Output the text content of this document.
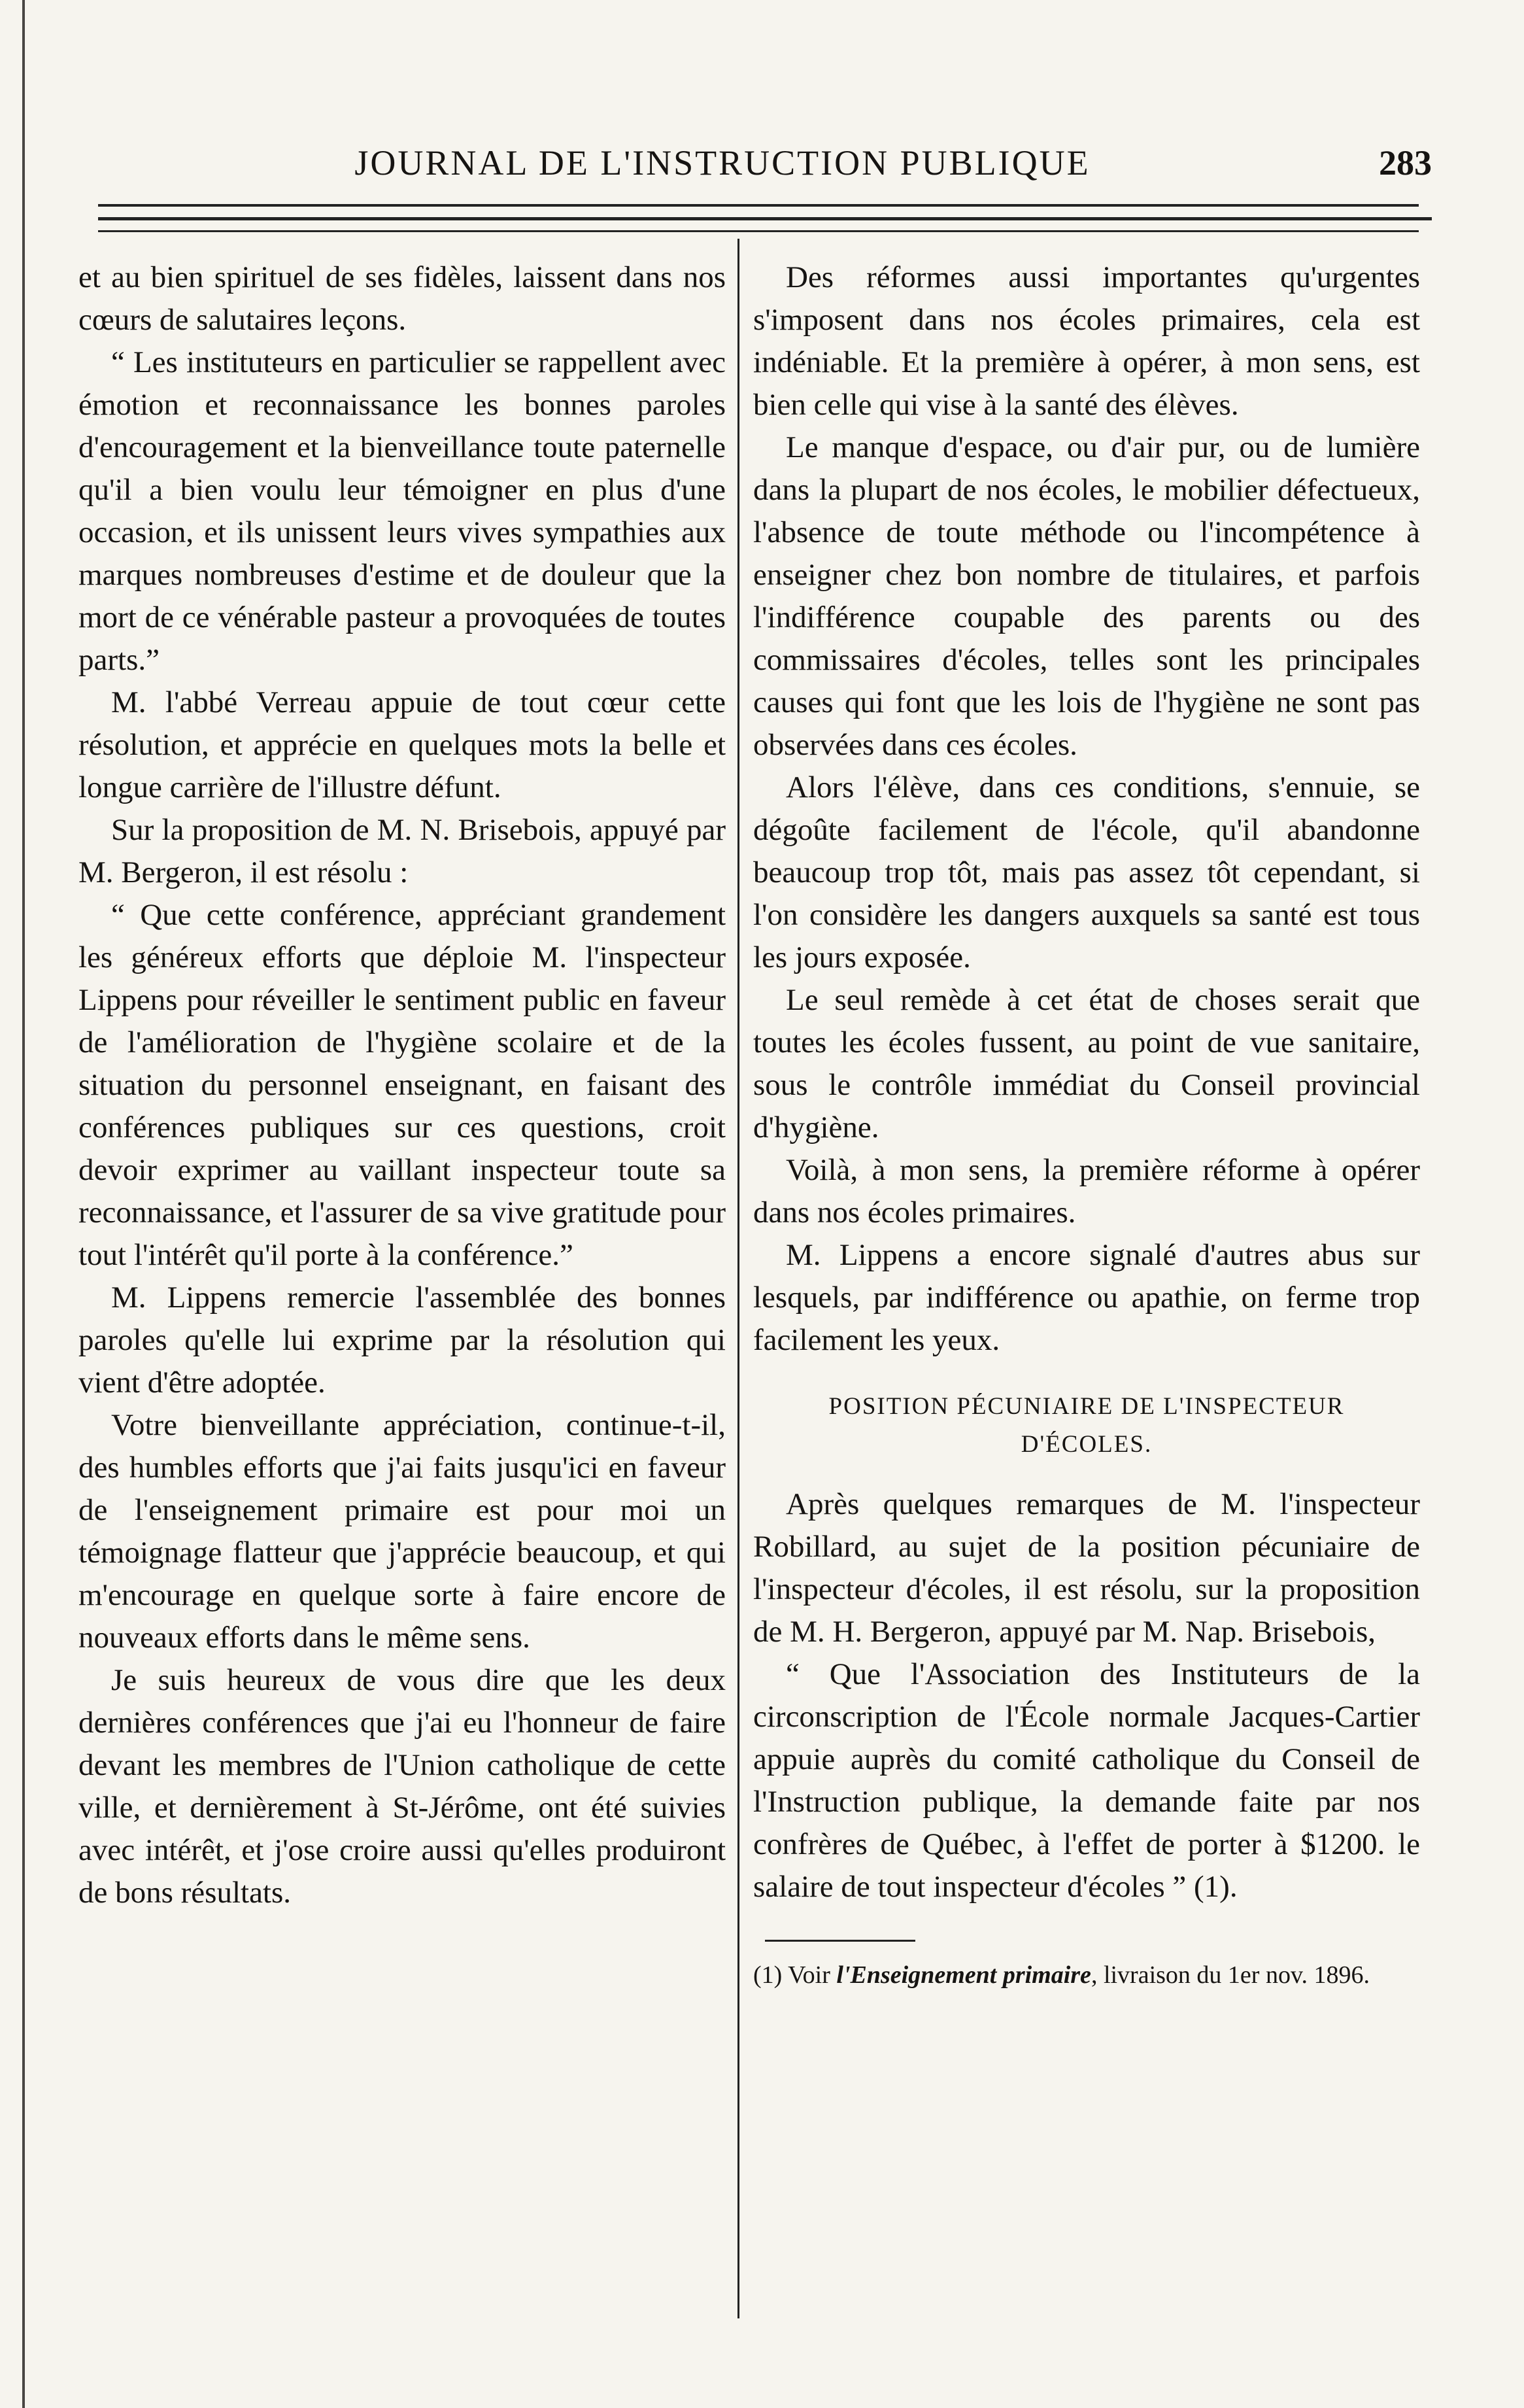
JOURNAL DE L'INSTRUCTION PUBLIQUE	283

et au bien spirituel de ses fidèles, laissent dans nos cœurs de salutaires leçons.

“ Les instituteurs en particulier se rappellent avec émotion et reconnaissance les bonnes paroles d'encouragement et la bienveillance toute paternelle qu'il a bien voulu leur témoigner en plus d'une occasion, et ils unissent leurs vives sympathies aux marques nombreuses d'estime et de douleur que la mort de ce vénérable pasteur a provoquées de toutes parts.”

M. l'abbé Verreau appuie de tout cœur cette résolution, et apprécie en quelques mots la belle et longue carrière de l'illustre défunt.

Sur la proposition de M. N. Brisebois, appuyé par M. Bergeron, il est résolu :

“ Que cette conférence, appréciant grandement les généreux efforts que déploie M. l'inspecteur Lippens pour réveiller le sentiment public en faveur de l'amélioration de l'hygiène scolaire et de la situation du personnel enseignant, en faisant des conférences publiques sur ces questions, croit devoir exprimer au vaillant inspecteur toute sa reconnaissance, et l'assurer de sa vive gratitude pour tout l'intérêt qu'il porte à la conférence.”

M. Lippens remercie l'assemblée des bonnes paroles qu'elle lui exprime par la résolution qui vient d'être adoptée.

Votre bienveillante appréciation, continue-t-il, des humbles efforts que j'ai faits jusqu'ici en faveur de l'enseignement primaire est pour moi un témoignage flatteur que j'apprécie beaucoup, et qui m'encourage en quelque sorte à faire encore de nouveaux efforts dans le même sens.

Je suis heureux de vous dire que les deux dernières conférences que j'ai eu l'honneur de faire devant les membres de l'Union catholique de cette ville, et dernièrement à St-Jérôme, ont été suivies avec intérêt, et j'ose croire aussi qu'elles produiront de bons résultats.

Des réformes aussi importantes qu'urgentes s'imposent dans nos écoles primaires, cela est indéniable. Et la première à opérer, à mon sens, est bien celle qui vise à la santé des élèves.

Le manque d'espace, ou d'air pur, ou de lumière dans la plupart de nos écoles, le mobilier défectueux, l'absence de toute méthode ou l'incompétence à enseigner chez bon nombre de titulaires, et parfois l'indifférence coupable des parents ou des commissaires d'écoles, telles sont les principales causes qui font que les lois de l'hygiène ne sont pas observées dans ces écoles.

Alors l'élève, dans ces conditions, s'ennuie, se dégoûte facilement de l'école, qu'il abandonne beaucoup trop tôt, mais pas assez tôt cependant, si l'on considère les dangers auxquels sa santé est tous les jours exposée.

Le seul remède à cet état de choses serait que toutes les écoles fussent, au point de vue sanitaire, sous le contrôle immédiat du Conseil provincial d'hygiène.

Voilà, à mon sens, la première réforme à opérer dans nos écoles primaires.

M. Lippens a encore signalé d'autres abus sur lesquels, par indifférence ou apathie, on ferme trop facilement les yeux.

POSITION PÉCUNIAIRE DE L'INSPECTEUR
D'ÉCOLES.

Après quelques remarques de M. l'inspecteur Robillard, au sujet de la position pécuniaire de l'inspecteur d'écoles, il est résolu, sur la proposition de M. H. Bergeron, appuyé par M. Nap. Brisebois,

“ Que l'Association des Instituteurs de la circonscription de l'École normale Jacques-Cartier appuie auprès du comité catholique du Conseil de l'Instruction publique, la demande faite par nos confrères de Québec, à l'effet de porter à $1200. le salaire de tout inspecteur d'écoles ” (1).

(1) Voir l'Enseignement primaire, livraison du 1er nov. 1896.
